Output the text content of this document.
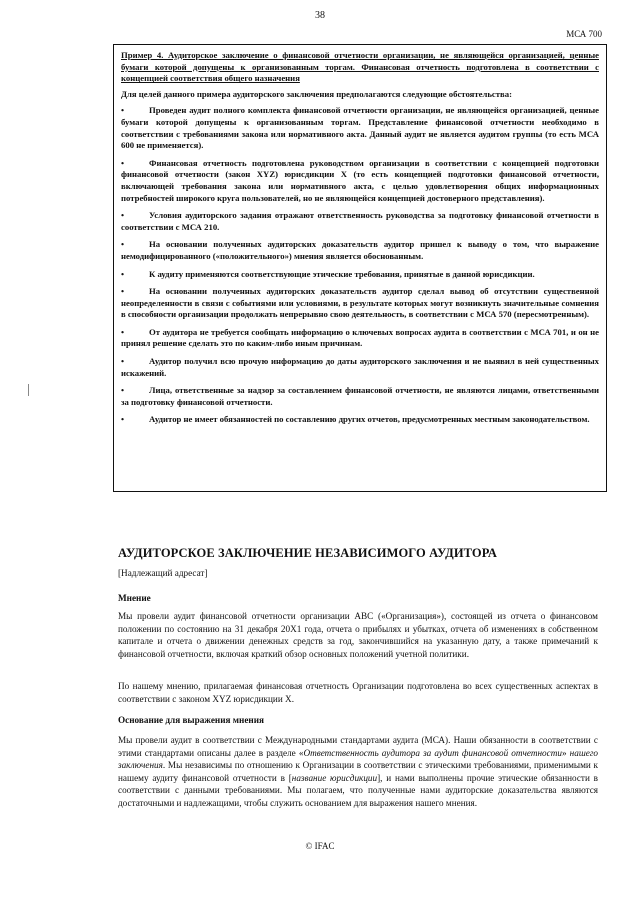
38
МСА 700

Пример 4. Аудиторское заключение о финансовой отчетности организации, не являющейся организацией, ценные бумаги которой допущены к организованным торгам. Финансовая отчетность подготовлена в соответствии с концепцией соответствия общего назначения

Для целей данного примера аудиторского заключения предполагаются следующие обстоятельства:

•	Проведен аудит полного комплекта финансовой отчетности организации, не являющейся организацией, ценные бумаги которой допущены к организованным торгам. Представление финансовой отчетности необходимо в соответствии с требованиями закона или нормативного акта. Данный аудит не является аудитом группы (то есть МСА 600 не применяется).

•	Финансовая отчетность подготовлена руководством организации в соответствии с концепцией подготовки финансовой отчетности (закон XYZ) юрисдикции X (то есть концепцией подготовки финансовой отчетности, включающей требования закона или нормативного акта, с целью удовлетворения общих информационных потребностей широкого круга пользователей, но не являющейся концепцией достоверного представления).

•	Условия аудиторского задания отражают ответственность руководства за подготовку финансовой отчетности в соответствии с МСА 210.

•	На основании полученных аудиторских доказательств аудитор пришел к выводу о том, что выражение немодифицированного («положительного») мнения является обоснованным.

•	К аудиту применяются соответствующие этические требования, принятые в данной юрисдикции.

•	На основании полученных аудиторских доказательств аудитор сделал вывод об отсутствии существенной неопределенности в связи с событиями или условиями, в результате которых могут возникнуть значительные сомнения в способности организации продолжать непрерывно свою деятельность, в соответствии с МСА 570 (пересмотренным).

•	От аудитора не требуется сообщать информацию о ключевых вопросах аудита в соответствии с МСА 701, и он не принял решение сделать это по каким-либо иным причинам.

•	Аудитор получил всю прочую информацию до даты аудиторского заключения и не выявил в ней существенных искажений.

•	Лица, ответственные за надзор за составлением финансовой отчетности, не являются лицами, ответственными за подготовку финансовой отчетности.

•	Аудитор не имеет обязанностей по составлению других отчетов, предусмотренных местным законодательством.

АУДИТОРСКОЕ ЗАКЛЮЧЕНИЕ НЕЗАВИСИМОГО АУДИТОРА
[Надлежащий адресат]
Мнение

Мы провели аудит финансовой отчетности организации ABC («Организация»), состоящей из отчета о финансовом положении по состоянию на 31 декабря 20X1 года, отчета о прибылях и убытках, отчета об изменениях в собственном капитале и отчета о движении денежных средств за год, закончившийся на указанную дату, а также примечаний к финансовой отчетности, включая краткий обзор основных положений учетной политики.

По нашему мнению, прилагаемая финансовая отчетность Организации подготовлена во всех существенных аспектах в соответствии с законом XYZ юрисдикции X.

Основание для выражения мнения

Мы провели аудит в соответствии с Международными стандартами аудита (МСА). Наши обязанности в соответствии с этими стандартами описаны далее в разделе «Ответственность аудитора за аудит финансовой отчетности» нашего заключения. Мы независимы по отношению к Организации в соответствии с этическими требованиями, применимыми к нашему аудиту финансовой отчетности в [название юрисдикции], и нами выполнены прочие этические обязанности в соответствии с данными требованиями. Мы полагаем, что полученные нами аудиторские доказательства являются достаточными и надлежащими, чтобы служить основанием для выражения нашего мнения.

© IFAC
